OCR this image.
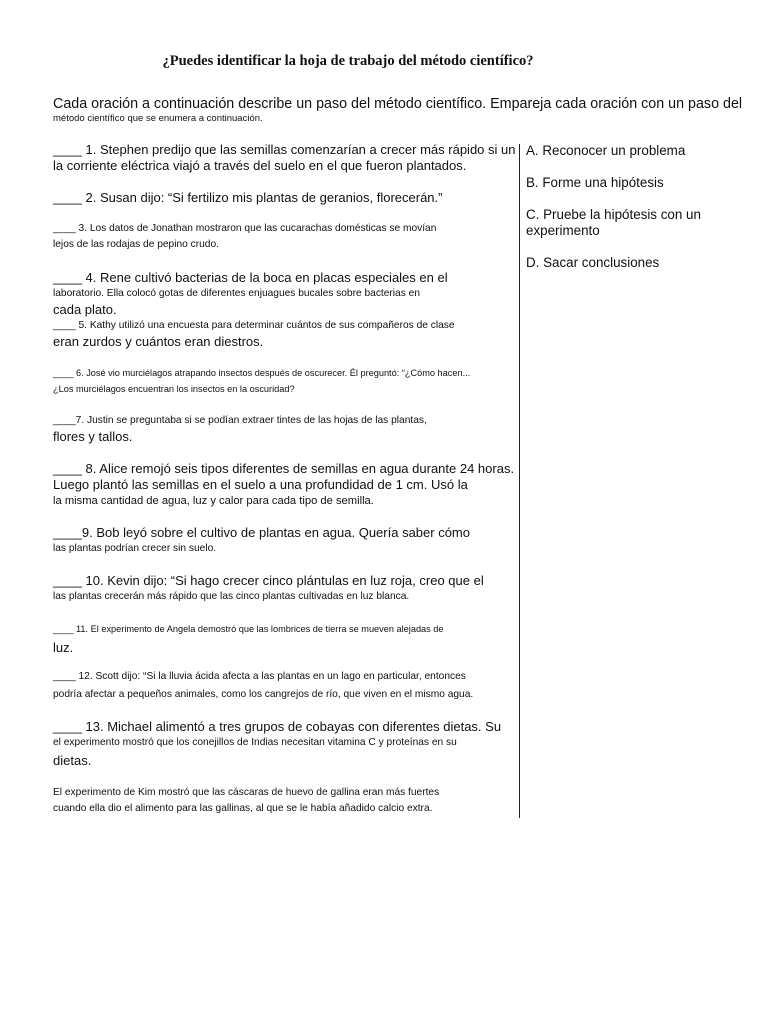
¿Puedes identificar la hoja de trabajo del método científico?
Cada oración a continuación describe un paso del método científico. Empareja cada oración con un paso del
método científico que se enumera a continuación.
____ 1. Stephen predijo que las semillas comenzarían a crecer más rápido si un
la corriente eléctrica viajó a través del suelo en el que fueron plantados.
____ 2. Susan dijo: “Si fertilizo mis plantas de geranios, florecerán.”
____ 3. Los datos de Jonathan mostraron que las cucarachas domésticas se movían
lejos de las rodajas de pepino crudo.
____ 4. Rene cultivó bacterias de la boca en placas especiales en el
laboratorio. Ella colocó gotas de diferentes enjuagues bucales sobre bacterias en
cada plato.
____ 5. Kathy utilizó una encuesta para determinar cuántos de sus compañeros de clase
eran zurdos y cuántos eran diestros.
____ 6. José vio murciélagos atrapando insectos después de oscurecer. Él preguntó: “¿Cómo hacen...
¿Los murciélagos encuentran los insectos en la oscuridad?
____7. Justin se preguntaba si se podían extraer tintes de las hojas de las plantas,
flores y tallos.
____ 8. Alice remojó seis tipos diferentes de semillas en agua durante 24 horas.
Luego plantó las semillas en el suelo a una profundidad de 1 cm. Usó la
la misma cantidad de agua, luz y calor para cada tipo de semilla.
____9. Bob leyó sobre el cultivo de plantas en agua. Quería saber cómo
las plantas podrían crecer sin suelo.
____ 10. Kevin dijo: “Si hago crecer cinco plántulas en luz roja, creo que el
las plantas crecerán más rápido que las cinco plantas cultivadas en luz blanca.
____ 11. El experimento de Angela demostró que las lombrices de tierra se mueven alejadas de
luz.
____ 12. Scott dijo: “Si la lluvia ácida afecta a las plantas en un lago en particular, entonces
podría afectar a pequeños animales, como los cangrejos de río, que viven en el mismo agua.
____ 13. Michael alimentó a tres grupos de cobayas con diferentes dietas. Su
el experimento mostró que los conejillos de Indias necesitan vitamina C y proteínas en su
dietas.
El experimento de Kim mostró que las cáscaras de huevo de gallina eran más fuertes
cuando ella dio el alimento para las gallinas, al que se le había añadido calcio extra.
A. Reconocer un problema
B. Forme una hipótesis
C. Pruebe la hipótesis con un experimento
D. Sacar conclusiones
